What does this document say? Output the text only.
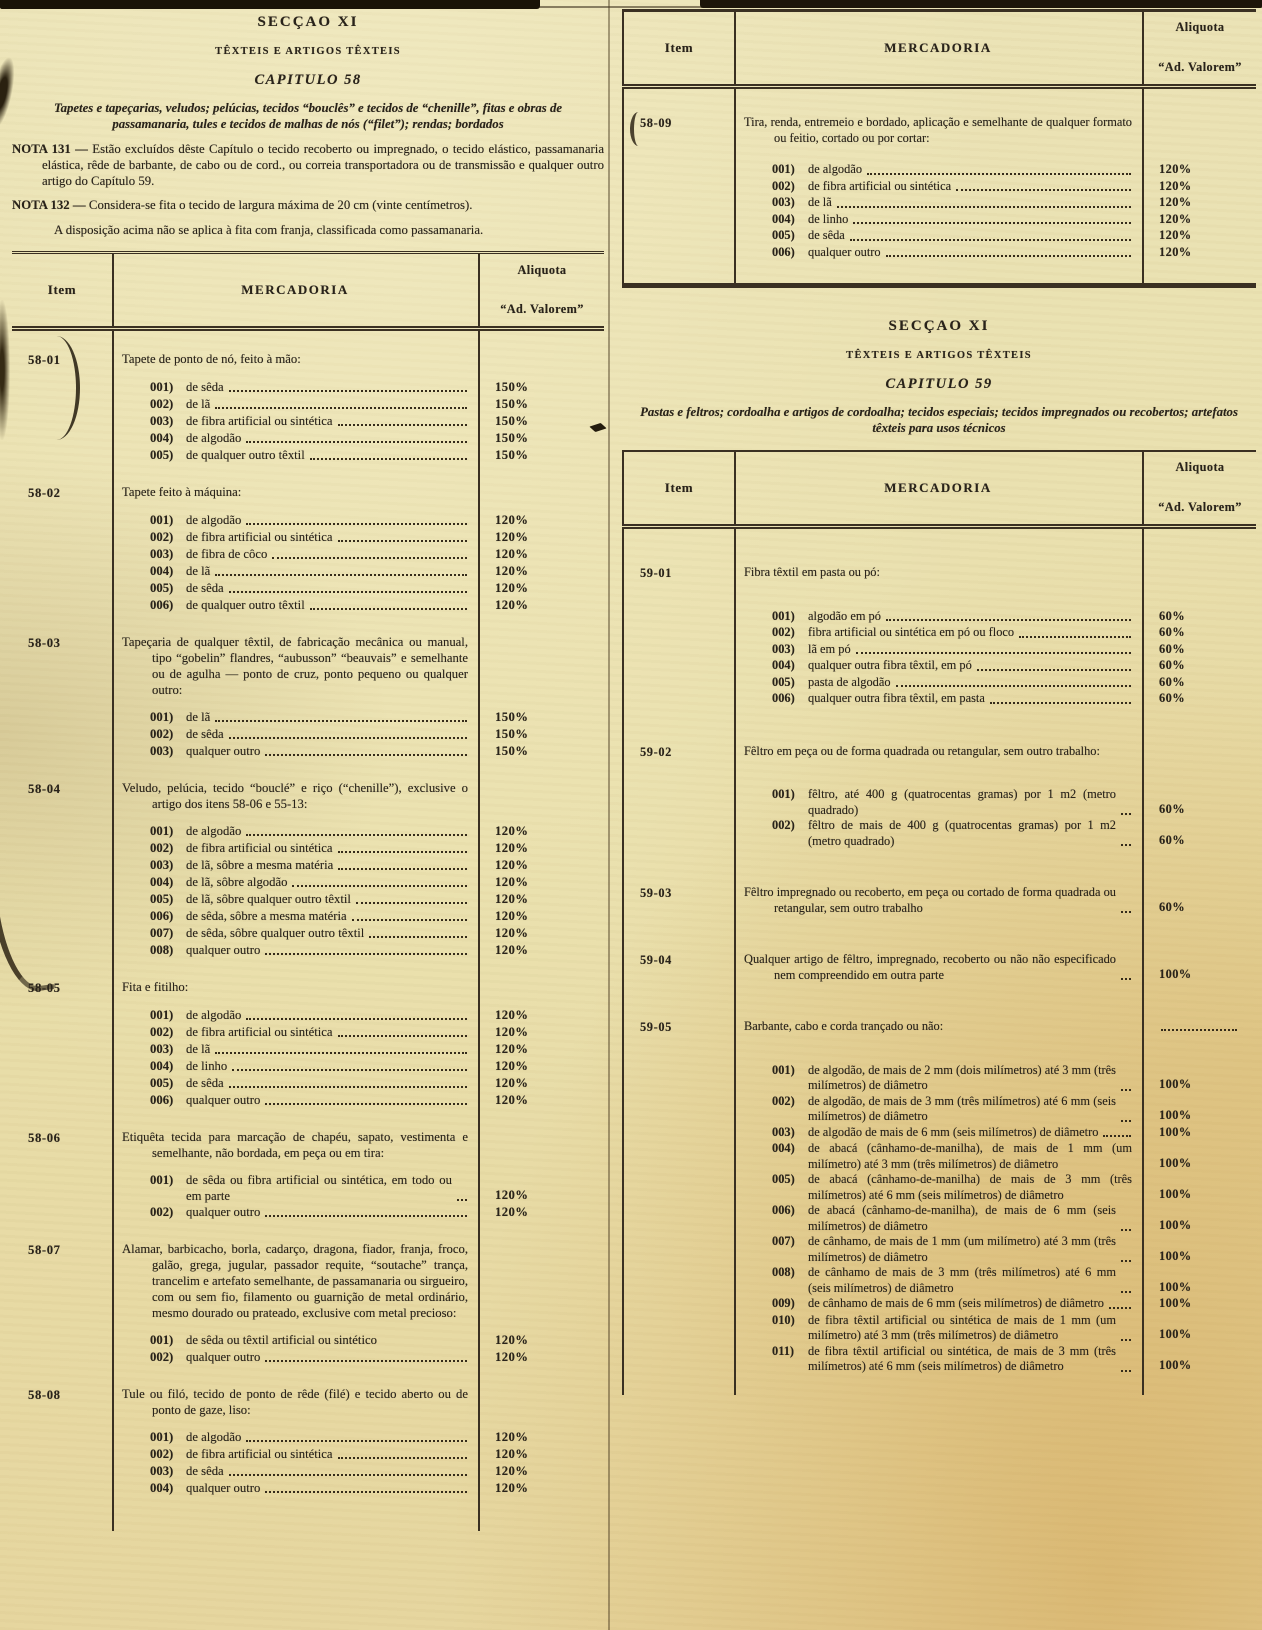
SECÇAO XI
TÊXTEIS E ARTIGOS TÊXTEIS
CAPITULO 58
Tapetes e tapeçarias, veludos; pelúcias, tecidos “bouclês” e tecidos de “chenille”, fitas e obras de passamanaria, tules e tecidos de malhas de nós (“filet”); rendas; bordados

NOTA 131 — Estão excluídos dêste Capítulo o tecido recoberto ou impregnado, o tecido elástico, passamanaria elástica, rêde de barbante, de cabo ou de cord., ou correia transportadora ou de transmissão e qualquer outro artigo do Capítulo 59.

NOTA 132 — Considera-se fita o tecido de largura máxima de 20 cm (vinte centímetros).

A disposição acima não se aplica à fita com franja, classificada como passamanaria.

Item	MERCADORIA
Aliquota
“Ad. Valorem”
58-01	Tapete de ponto de nó, feito à mão:
001)	de sêda	150%
002)	de lã	150%
003)	de fibra artificial ou sintética	150%
004)	de algodão	150%
005)	de qualquer outro têxtil	150%
58-02	Tapete feito à máquina:
001)	de algodão	120%
002)	de fibra artificial ou sintética	120%
003)	de fibra de côco	120%
004)	de lã	120%
005)	de sêda	120%
006)	de qualquer outro têxtil	120%
58-03	Tapeçaria de qualquer têxtil, de fabricação mecânica ou manual, tipo “gobelin” flandres, “aubusson” “beauvais” e semelhante ou de agulha — ponto de cruz, ponto pequeno ou qualquer outro:
001)	de lã	150%
002)	de sêda	150%
003)	qualquer outro	150%
58-04	Veludo, pelúcia, tecido “bouclé” e riço (“chenille”), exclusive o artigo dos itens 58-06 e 55-13:
001)	de algodão	120%
002)	de fibra artificial ou sintética	120%
003)	de lã, sôbre a mesma matéria	120%
004)	de lã, sôbre algodão	120%
005)	de lã, sôbre qualquer outro têxtil	120%
006)	de sêda, sôbre a mesma matéria	120%
007)	de sêda, sôbre qualquer outro têxtil	120%
008)	qualquer outro	120%
58-05	Fita e fitilho:
001)	de algodão	120%
002)	de fibra artificial ou sintética	120%
003)	de lã	120%
004)	de linho	120%
005)	de sêda	120%
006)	qualquer outro	120%
58-06	Etiquêta tecida para marcação de chapéu, sapato, vestimenta e semelhante, não bordada, em peça ou em tira:
001)	de sêda ou fibra artificial ou sintética, em todo ou em parte	120%
002)	qualquer outro	120%
58-07	Alamar, barbicacho, borla, cadarço, dragona, fiador, franja, froco, galão, grega, jugular, passador requite, “soutache” trança, trancelim e artefato semelhante, de passamanaria ou sirgueiro, com ou sem fio, filamento ou guarnição de metal ordinário, mesmo dourado ou prateado, exclusive com metal precioso:
001)	de sêda ou têxtil artificial ou sintético	120%
002)	qualquer outro	120%
58-08	Tule ou filó, tecido de ponto de rêde (filé) e tecido aberto ou de ponto de gaze, liso:
001)	de algodão	120%
002)	de fibra artificial ou sintética	120%
003)	de sêda	120%
004)	qualquer outro	120%
Item	MERCADORIA
Aliquota
“Ad. Valorem”
58-09	Tira, renda, entremeio e bordado, aplicação e semelhante de qualquer formato ou feitio, cortado ou por cortar:
001)	de algodão	120%
002)	de fibra artificial ou sintética	120%
003)	de lã	120%
004)	de linho	120%
005)	de sêda	120%
006)	qualquer outro	120%
SECÇAO XI
TÊXTEIS E ARTIGOS TÊXTEIS
CAPITULO 59
Pastas e feltros; cordoalha e artigos de cordoalha; tecidos especiais; tecidos impregnados ou recobertos; artefatos têxteis para usos técnicos
Item	MERCADORIA
Aliquota
“Ad. Valorem”
59-01	Fibra têxtil em pasta ou pó:
001)	algodão em pó	60%
002)	fibra artificial ou sintética em pó ou floco	60%
003)	lã em pó	60%
004)	qualquer outra fibra têxtil, em pó	60%
005)	pasta de algodão	60%
006)	qualquer outra fibra têxtil, em pasta	60%
59-02	Fêltro em peça ou de forma quadrada ou retangular, sem outro trabalho:
001)	fêltro, até 400 g (quatrocentas gramas) por 1 m2 (metro quadrado)	60%
002)	fêltro de mais de 400 g (quatrocentas gramas) por 1 m2 (metro quadrado)	60%
59-03	Fêltro impregnado ou recoberto, em peça ou cortado de forma quadrada ou retangular, sem outro trabalho	60%
59-04	Qualquer artigo de fêltro, impregnado, recoberto ou não não especificado nem compreendido em outra parte	100%
59-05	Barbante, cabo e corda trançado ou não:
001)	de algodão, de mais de 2 mm (dois milímetros) até 3 mm (três milímetros) de diâmetro	100%
002)	de algodão, de mais de 3 mm (três milímetros) até 6 mm (seis milímetros) de diâmetro	100%
003)	de algodão de mais de 6 mm (seis milímetros) de diâmetro	100%
004)	de abacá (cânhamo-de-manilha), de mais de 1 mm (um milímetro) até 3 mm (três milímetros) de diâmetro	100%
005)	de abacá (cânhamo-de-manilha) de mais de 3 mm (três milímetros) até 6 mm (seis milímetros) de diâmetro	100%
006)	de abacá (cânhamo-de-manilha), de mais de 6 mm (seis milímetros) de diâmetro	100%
007)	de cânhamo, de mais de 1 mm (um milímetro) até 3 mm (três milímetros) de diâmetro	100%
008)	de cânhamo de mais de 3 mm (três milímetros) até 6 mm (seis milímetros) de diâmetro	100%
009)	de cânhamo de mais de 6 mm (seis milímetros) de diâmetro	100%
010)	de fibra têxtil artificial ou sintética de mais de 1 mm (um milímetro) até 3 mm (três milímetros) de diâmetro	100%
011)	de fibra têxtil artificial ou sintética, de mais de 3 mm (três milímetros) até 6 mm (seis milímetros) de diâmetro	100%
